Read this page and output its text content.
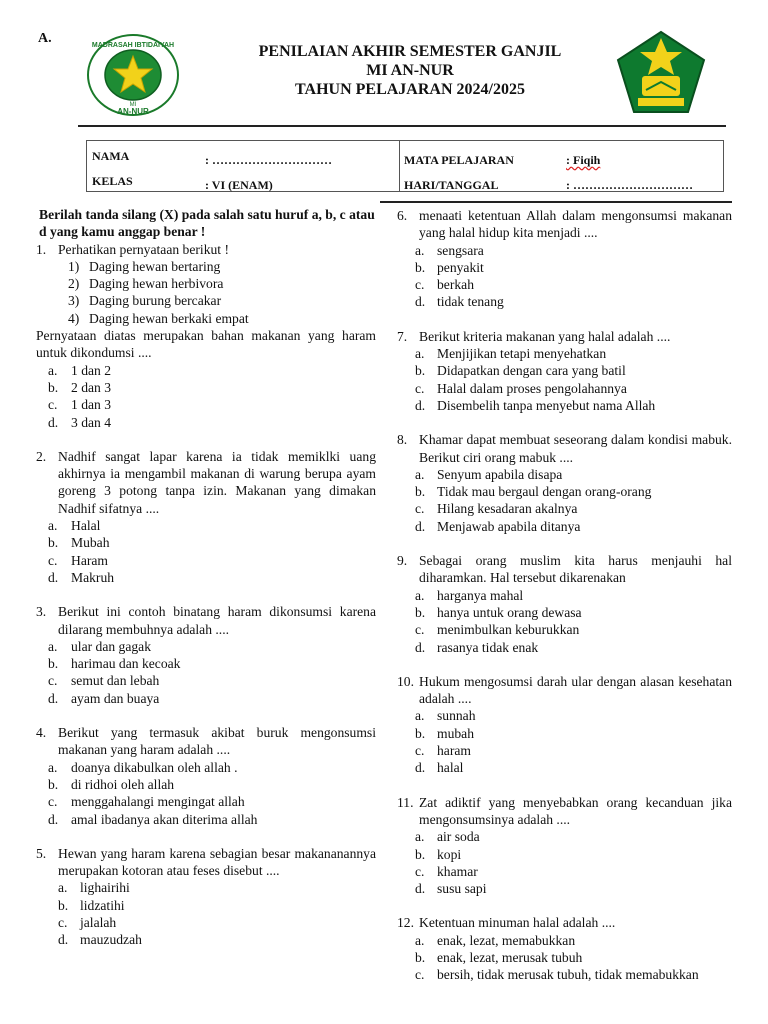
A.	MADRASAH IBTIDAIYAH
MI
AN-NUR
PENILAIAN AKHIR SEMESTER GANJIL
MI AN-NUR
TAHUN PELAJARAN 2024/2025
NAMA	: …………………………
KELAS	: VI (ENAM)
MATA PELAJARAN	: Fiqih
HARI/TANGGAL	: …………………………
Berilah tanda silang (X) pada salah satu huruf a, b, c atau d yang kamu anggap benar !
1. Perhatikan pernyataan berikut !
1) Daging hewan bertaring
2) Daging hewan herbivora
3) Daging burung bercakar
4) Daging hewan berkaki empat
Pernyataan diatas merupakan bahan makanan yang haram untuk dikondumsi ....
a. 1 dan 2
b. 2 dan 3
c. 1 dan 3
d. 3 dan 4
2. Nadhif sangat lapar karena ia tidak memiklki uang akhirnya ia mengambil makanan di warung berupa ayam goreng 3 potong tanpa izin. Makanan yang dimakan Nadhif sifatnya ....
a. Halal
b. Mubah
c. Haram
d. Makruh
3. Berikut ini contoh binatang haram dikonsumsi karena dilarang membuhnya adalah ....
a. ular dan gagak
b. harimau dan kecoak
c. semut dan lebah
d. ayam dan buaya
4. Berikut yang termasuk akibat buruk mengonsumsi makanan yang haram adalah ....
a. doanya dikabulkan oleh allah .
b. di ridhoi oleh allah
c. menggahalangi mengingat allah
d. amal ibadanya akan diterima allah
5. Hewan yang haram karena sebagian besar makananannya merupakan kotoran atau feses disebut ....
a. lighairihi
b. lidzatihi
c. jalalah
d. mauzudzah
6. menaati ketentuan Allah dalam mengonsumsi makanan yang halal hidup kita menjadi ....
a. sengsara
b. penyakit
c. berkah
d. tidak tenang
7. Berikut kriteria makanan yang halal adalah ....
a. Menjijikan tetapi menyehatkan
b. Didapatkan dengan cara yang batil
c. Halal dalam proses pengolahannya
d. Disembelih tanpa menyebut nama Allah
8. Khamar dapat membuat seseorang dalam kondisi mabuk. Berikut ciri orang mabuk ....
a. Senyum apabila disapa
b. Tidak mau bergaul dengan orang-orang
c. Hilang kesadaran akalnya
d. Menjawab apabila ditanya
9. Sebagai orang muslim kita harus menjauhi hal diharamkan. Hal tersebut dikarenakan
a. harganya mahal
b. hanya untuk orang dewasa
c. menimbulkan keburukkan
d. rasanya tidak enak
10. Hukum mengosumsi darah ular dengan alasan kesehatan adalah ....
a. sunnah
b. mubah
c. haram
d. halal
11. Zat adiktif yang menyebabkan orang kecanduan jika mengonsumsinya adalah ....
a. air soda
b. kopi
c. khamar
d. susu sapi
12. Ketentuan minuman halal adalah ....
a. enak, lezat, memabukkan
b. enak, lezat, merusak tubuh
c. bersih, tidak merusak tubuh, tidak memabukkan
